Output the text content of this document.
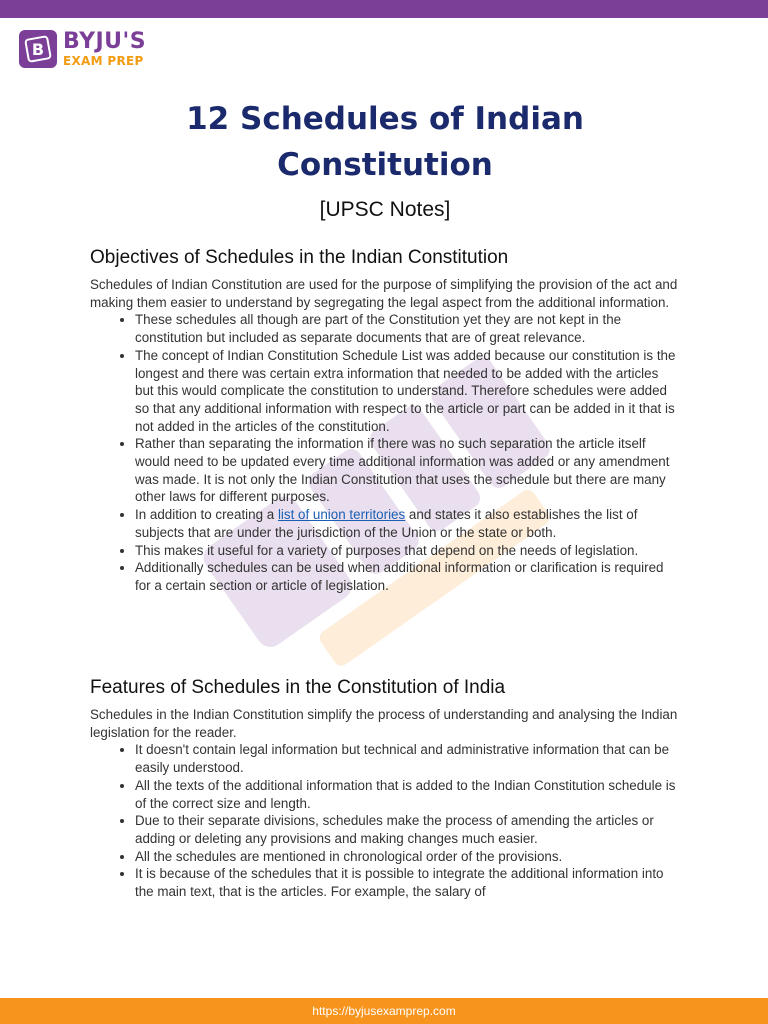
B BYJU'S
EXAM PREP
12 Schedules of Indian Constitution
[UPSC Notes]
Objectives of Schedules in the Indian Constitution

Schedules of Indian Constitution are used for the purpose of simplifying the provision of the act and making them easier to understand by segregating the legal aspect from the additional information.

• These schedules all though are part of the Constitution yet they are not kept in the constitution but included as separate documents that are of great relevance.
• The concept of Indian Constitution Schedule List was added because our constitution is the longest and there was certain extra information that needed to be added with the articles but this would complicate the constitution to understand. Therefore schedules were added so that any additional information with respect to the article or part can be added in it that is not added in the articles of the constitution.
• Rather than separating the information if there was no such separation the article itself would need to be updated every time additional information was added or any amendment was made. It is not only the Indian Constitution that uses the schedule but there are many other laws for different purposes.
• In addition to creating a list of union territories and states it also establishes the list of subjects that are under the jurisdiction of the Union or the state or both.
• This makes it useful for a variety of purposes that depend on the needs of legislation.
• Additionally schedules can be used when additional information or clarification is required for a certain section or article of legislation.
Features of Schedules in the Constitution of India

Schedules in the Indian Constitution simplify the process of understanding and analysing the Indian legislation for the reader.

• It doesn't contain legal information but technical and administrative information that can be easily understood.
• All the texts of the additional information that is added to the Indian Constitution schedule is of the correct size and length.
• Due to their separate divisions, schedules make the process of amending the articles or adding or deleting any provisions and making changes much easier.
• All the schedules are mentioned in chronological order of the provisions.
• It is because of the schedules that it is possible to integrate the additional information into the main text, that is the articles. For example, the salary of
https://byjusexamprep.com
